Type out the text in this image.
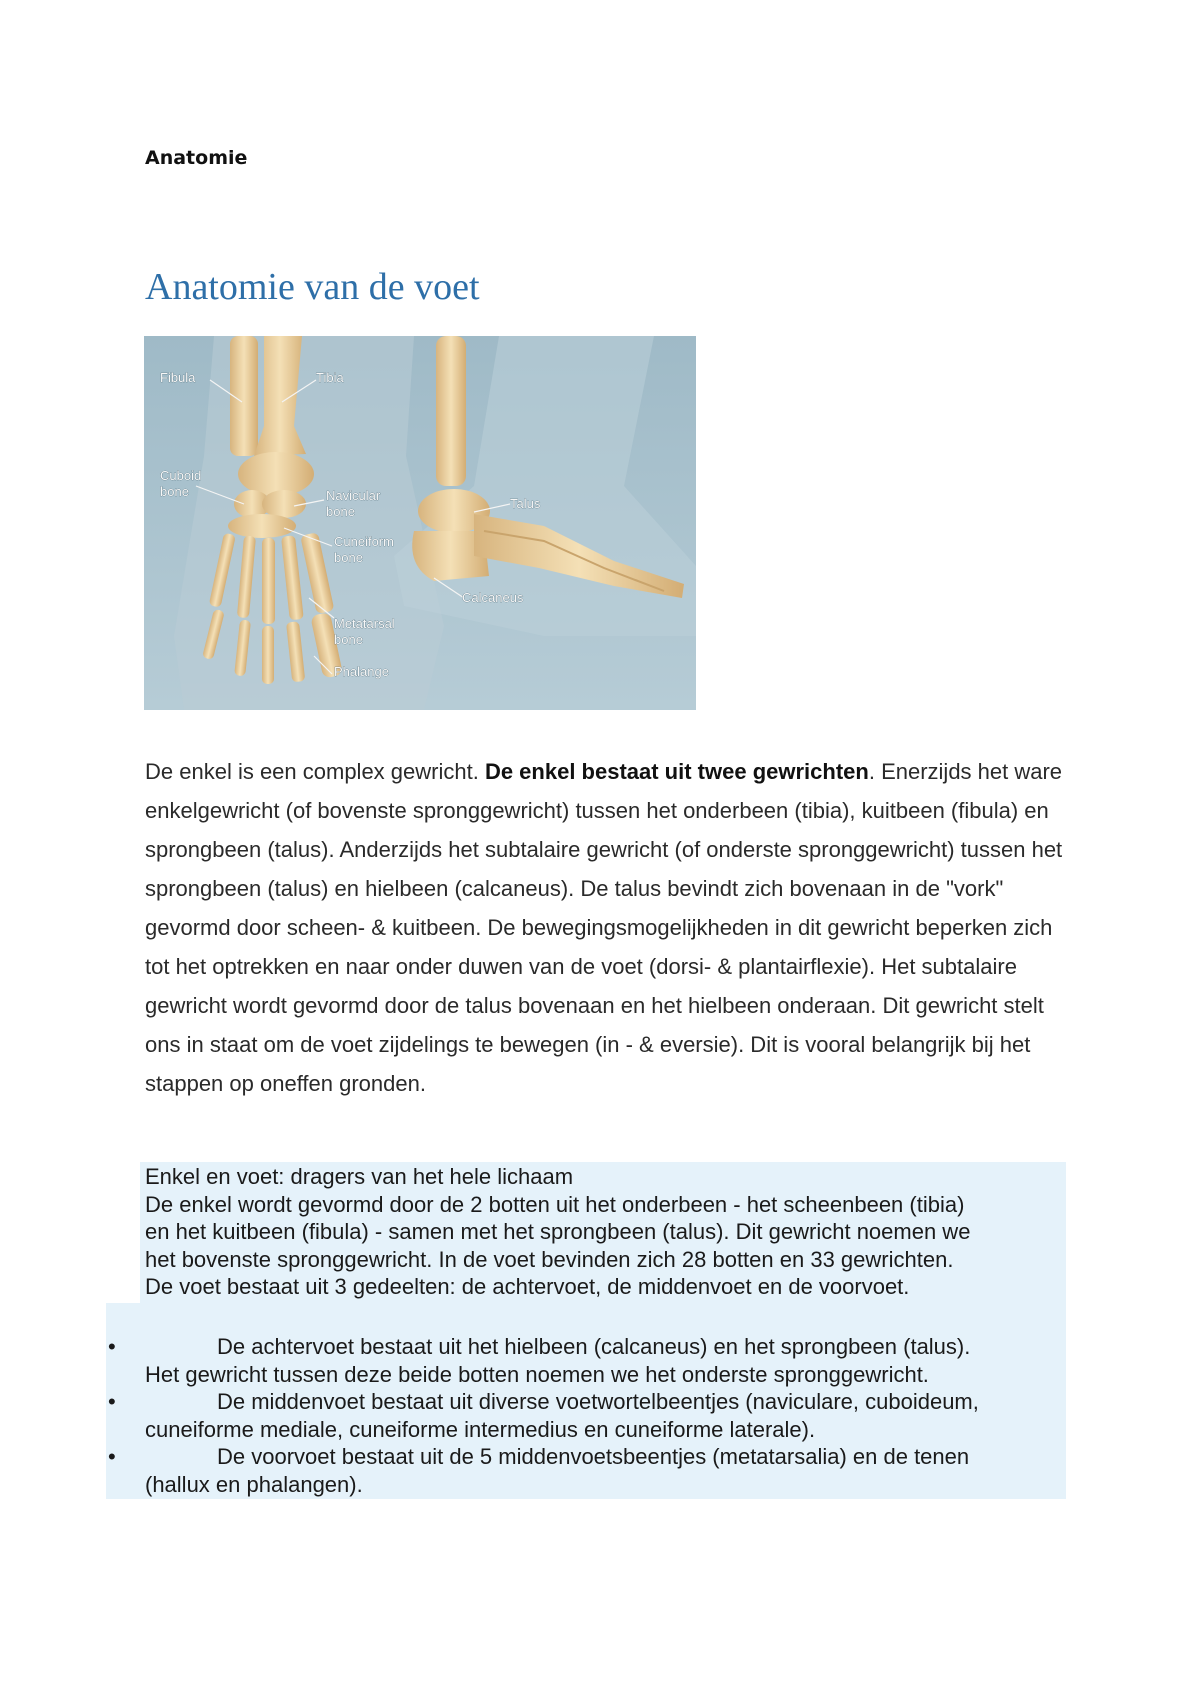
Anatomie
Anatomie van de voet
Fibula	Tibia
Cuboid
bone	Navicular
bone
Cuneiform
bone
Metatarsal
bone
Phalange
Talus
Calcaneus

De enkel is een complex gewricht. De enkel bestaat uit twee gewrichten. Enerzijds het ware enkelgewricht (of bovenste spronggewricht) tussen het onderbeen (tibia), kuitbeen (fibula) en sprongbeen (talus). Anderzijds het subtalaire gewricht (of onderste spronggewricht) tussen het sprongbeen (talus) en hielbeen (calcaneus). De talus bevindt zich bovenaan in de "vork" gevormd door scheen- & kuitbeen. De bewegingsmogelijkheden in dit gewricht beperken zich tot het optrekken en naar onder duwen van de voet (dorsi- & plantairflexie). Het subtalaire gewricht wordt gevormd door de talus bovenaan en het hielbeen onderaan. Dit gewricht stelt ons in staat om de voet zijdelings te bewegen (in - & eversie). Dit is vooral belangrijk bij het stappen op oneffen gronden.

Enkel en voet: dragers van het hele lichaam

De enkel wordt gevormd door de 2 botten uit het onderbeen - het scheenbeen (tibia)

en het kuitbeen (fibula) - samen met het sprongbeen (talus). Dit gewricht noemen we

het bovenste spronggewricht. In de voet bevinden zich 28 botten en 33 gewrichten.

De voet bestaat uit 3 gedeelten: de achtervoet, de middenvoet en de voorvoet.

•	De achtervoet bestaat uit het hielbeen (calcaneus) en het sprongbeen (talus).
Het gewricht tussen deze beide botten noemen we het onderste spronggewricht.
•	De middenvoet bestaat uit diverse voetwortelbeentjes (naviculare, cuboideum,
cuneiforme mediale, cuneiforme intermedius en cuneiforme laterale).
•	De voorvoet bestaat uit de 5 middenvoetsbeentjes (metatarsalia) en de tenen
(hallux en phalangen).
